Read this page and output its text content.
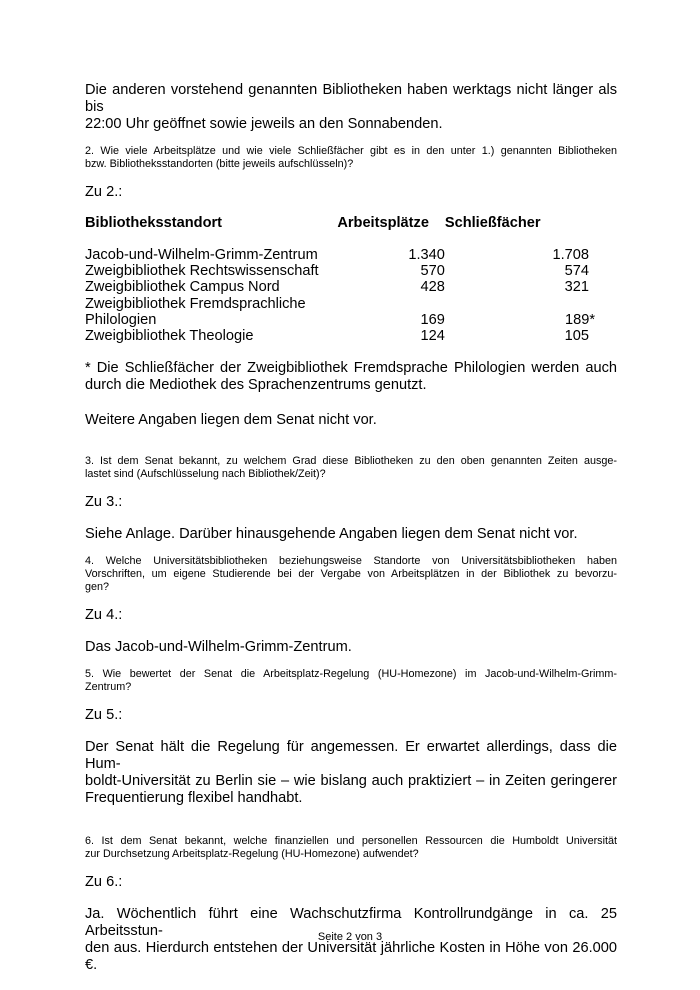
Die anderen vorstehend genannten Bibliotheken haben werktags nicht länger als bis

22:00 Uhr geöffnet sowie jeweils an den Sonnabenden.

2. Wie viele Arbeitsplätze und wie viele Schließfächer gibt es in den unter 1.) genannten Bibliotheken

bzw. Bibliotheksstandorten (bitte jeweils aufschlüsseln)?

Zu 2.:

Bibliotheksstandort	Arbeitsplätze	Schließfächer

Jacob-und-Wilhelm-Grimm-Zentrum	1.340	1.708
Zweigbibliothek Rechtswissenschaft	570	574
Zweigbibliothek Campus Nord	428	321
Zweigbibliothek Fremdsprachliche		
Philologien	169	189*
Zweigbibliothek Theologie	124	105

* Die Schließfächer der Zweigbibliothek Fremdsprache Philologien werden auch

durch die Mediothek des Sprachenzentrums genutzt.

Weitere Angaben liegen dem Senat nicht vor.

3. Ist dem Senat bekannt, zu welchem Grad diese Bibliotheken zu den oben genannten Zeiten ausge-

lastet sind (Aufschlüsselung nach Bibliothek/Zeit)?

Zu 3.:

Siehe Anlage. Darüber hinausgehende Angaben liegen dem Senat nicht vor.

4. Welche Universitätsbibliotheken beziehungsweise Standorte von Universitätsbibliotheken haben

Vorschriften, um eigene Studierende bei der Vergabe von Arbeitsplätzen in der Bibliothek zu bevorzu-

gen?

Zu 4.:

Das Jacob-und-Wilhelm-Grimm-Zentrum.

5. Wie bewertet der Senat die Arbeitsplatz-Regelung (HU-Homezone) im Jacob-und-Wilhelm-Grimm-

Zentrum?

Zu 5.:

Der Senat hält die Regelung für angemessen. Er erwartet allerdings, dass die Hum-

boldt-Universität zu Berlin sie – wie bislang auch praktiziert – in Zeiten geringerer

Frequentierung flexibel handhabt.

6. Ist dem Senat bekannt, welche finanziellen und personellen Ressourcen die Humboldt Universität

zur Durchsetzung Arbeitsplatz-Regelung (HU-Homezone) aufwendet?

Zu 6.:

Ja. Wöchentlich führt eine Wachschutzfirma Kontrollrundgänge in ca. 25 Arbeitsstun-

den aus. Hierdurch entstehen der Universität jährliche Kosten in Höhe von 26.000 €.

Seite 2 von 3
